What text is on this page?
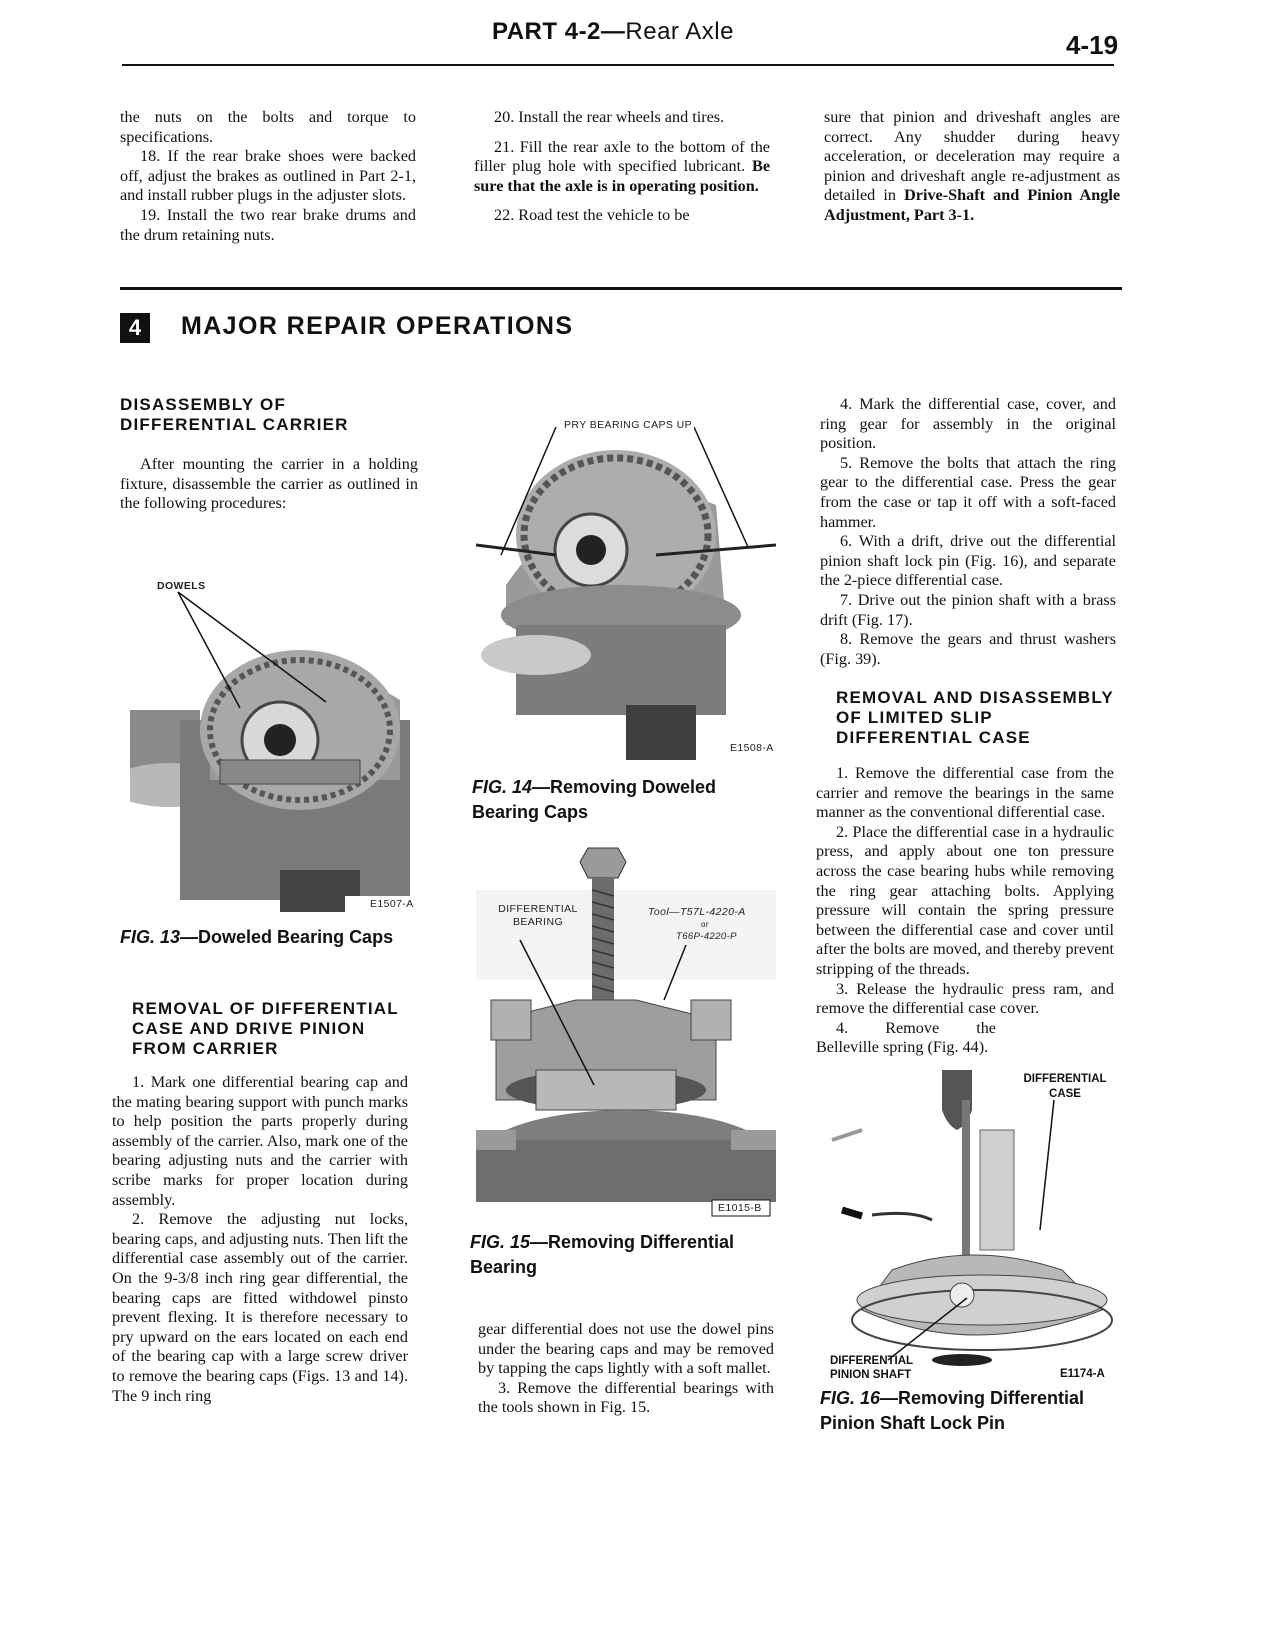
PART 4-2—Rear Axle	4-19

the nuts on the bolts and torque to specifications.

18. If the rear brake shoes were backed off, adjust the brakes as outlined in Part 2-1, and install rubber plugs in the adjuster slots.

19. Install the two rear brake drums and the drum retaining nuts.

20. Install the rear wheels and tires.

21. Fill the rear axle to the bottom of the filler plug hole with specified lubricant. Be sure that the axle is in operating position.

22. Road test the vehicle to be

sure that pinion and driveshaft angles are correct. Any shudder during heavy acceleration, or deceleration may require a pinion and driveshaft angle re-adjustment as detailed in Drive-Shaft and Pinion Angle Adjustment, Part 3-1.

4	MAJOR REPAIR OPERATIONS
DISASSEMBLY OF DIFFERENTIAL CARRIER

After mounting the carrier in a holding fixture, disassemble the carrier as outlined in the following procedures:

DOWELS
E1507-A
FIG. 13—Doweled Bearing Caps
REMOVAL OF DIFFERENTIAL CASE AND DRIVE PINION FROM CARRIER

1. Mark one differential bearing cap and the mating bearing support with punch marks to help position the parts properly during assembly of the carrier. Also, mark one of the bearing adjusting nuts and the carrier with scribe marks for proper location during assembly.

2. Remove the adjusting nut locks, bearing caps, and adjusting nuts. Then lift the differential case assembly out of the carrier. On the 9-3/8 inch ring gear differential, the bearing caps are fitted withdowel pinsto prevent flexing. It is therefore necessary to pry upward on the ears located on each end of the bearing cap with a large screw driver to remove the bearing caps (Figs. 13 and 14). The 9 inch ring

PRY BEARING CAPS UP
E1508-A
FIG. 14—Removing Doweled Bearing Caps
DIFFERENTIAL BEARING
Tool—T57L-4220-A
or
T66P-4220-P
E1015-B
FIG. 15—Removing Differential Bearing

gear differential does not use the dowel pins under the bearing caps and may be removed by tapping the caps lightly with a soft mallet.

3. Remove the differential bearings with the tools shown in Fig. 15.

4. Mark the differential case, cover, and ring gear for assembly in the original position.

5. Remove the bolts that attach the ring gear to the differential case. Press the gear from the case or tap it off with a soft-faced hammer.

6. With a drift, drive out the differential pinion shaft lock pin (Fig. 16), and separate the 2-piece differential case.

7. Drive out the pinion shaft with a brass drift (Fig. 17).

8. Remove the gears and thrust washers (Fig. 39).

REMOVAL AND DISASSEMBLY OF LIMITED SLIP DIFFERENTIAL CASE

1. Remove the differential case from the carrier and remove the bearings in the same manner as the conventional differential case.

2. Place the differential case in a hydraulic press, and apply about one ton pressure across the case bearing hubs while removing the ring gear attaching bolts. Applying pressure will contain the spring pressure between the differential case and cover until after the bolts are moved, and thereby prevent stripping of the threads.

3. Release the hydraulic press ram, and remove the differential case cover.

4. Remove the Belleville spring (Fig. 44).

DIFFERENTIAL CASE
DIFFERENTIAL PINION SHAFT	E1174-A
FIG. 16—Removing Differential Pinion Shaft Lock Pin
